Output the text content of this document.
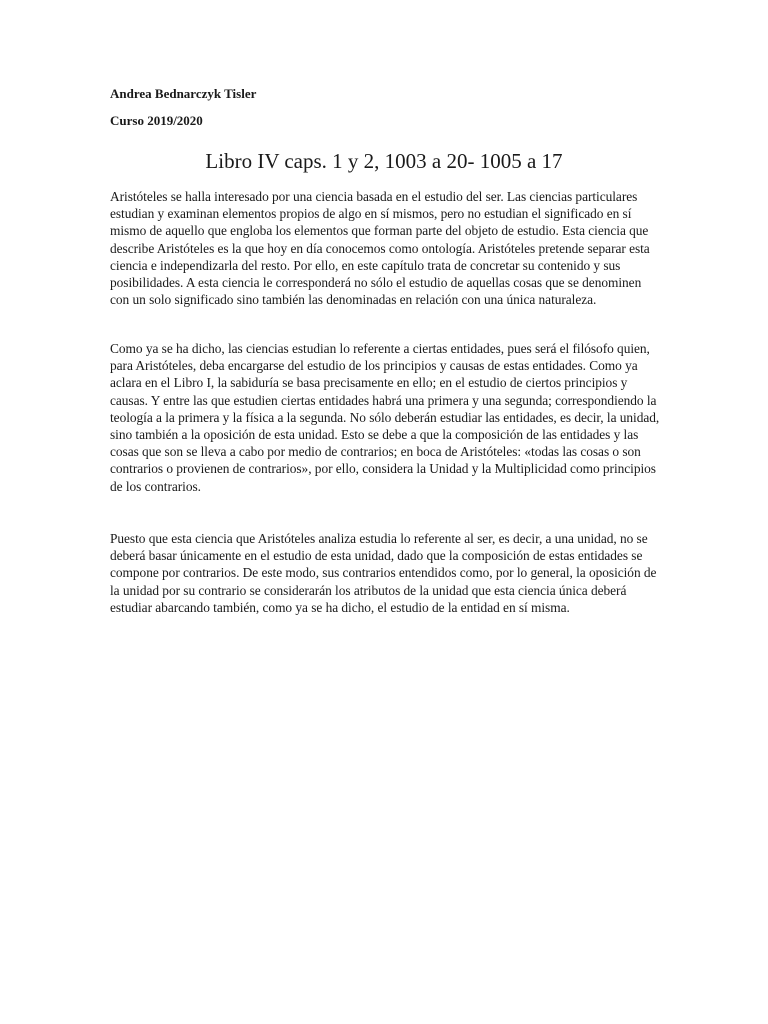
Andrea Bednarczyk Tisler
Curso 2019/2020
Libro IV caps. 1 y 2, 1003 a 20- 1005 a 17

Aristóteles se halla interesado por una ciencia basada en el estudio del ser. Las ciencias particulares estudian y examinan elementos propios de algo en sí mismos, pero no estudian el significado en sí mismo de aquello que engloba los elementos que forman parte del objeto de estudio. Esta ciencia que describe Aristóteles es la que hoy en día conocemos como ontología. Aristóteles pretende separar esta ciencia e independizarla del resto. Por ello, en este capítulo trata de concretar su contenido y sus posibilidades. A esta ciencia le corresponderá no sólo el estudio de aquellas cosas que se denominen con un solo significado sino también las denominadas en relación con una única naturaleza.

Como ya se ha dicho, las ciencias estudian lo referente a ciertas entidades, pues será el filósofo quien, para Aristóteles, deba encargarse del estudio de los principios y causas de estas entidades. Como ya aclara en el Libro I, la sabiduría se basa precisamente en ello; en el estudio de ciertos principios y causas. Y entre las que estudien ciertas entidades habrá una primera y una segunda; correspondiendo la teología a la primera y la física a la segunda. No sólo deberán estudiar las entidades, es decir, la unidad, sino también a la oposición de esta unidad. Esto se debe a que la composición de las entidades y las cosas que son se lleva a cabo por medio de contrarios; en boca de Aristóteles: «todas las cosas o son contrarios o provienen de contrarios», por ello, considera la Unidad y la Multiplicidad como principios de los contrarios.

Puesto que esta ciencia que Aristóteles analiza estudia lo referente al ser, es decir, a una unidad, no se deberá basar únicamente en el estudio de esta unidad, dado que la composición de estas entidades se compone por contrarios. De este modo, sus contrarios entendidos como, por lo general, la oposición de la unidad por su contrario se considerarán los atributos de la unidad que esta ciencia única deberá estudiar abarcando también, como ya se ha dicho, el estudio de la entidad en sí misma.
